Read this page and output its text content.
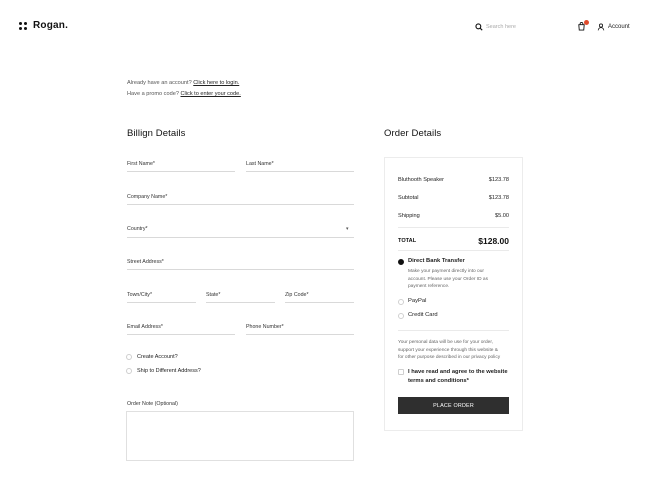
Rogan.	Search here	Account
Already have an account? Click here to login.
Have a promo code? Click to enter your code.
Billign Details
First Name*	Last Name*
Company Name*
Country*	▾
Street Address*
Town/City*	State*	Zip Code*
Email Address*	Phone Number*
Create Account?
Ship to Different Address?
Order Note (Optional)
Order Details
Bluthooth Speaker	$123.78
Subtotal	$123.78
Shipping	$5.00
TOTAL	$128.00
Direct Bank Transfer
Make your payment directly into our
account. Please use your Order ID as
payment reference.
PayPal
Credit Card
Your personal data will be use for your order,
support your experience through this website &
for other purpose described in our privacy policy
I have read and agree to the website
terms and conditions*
PLACE ORDER
